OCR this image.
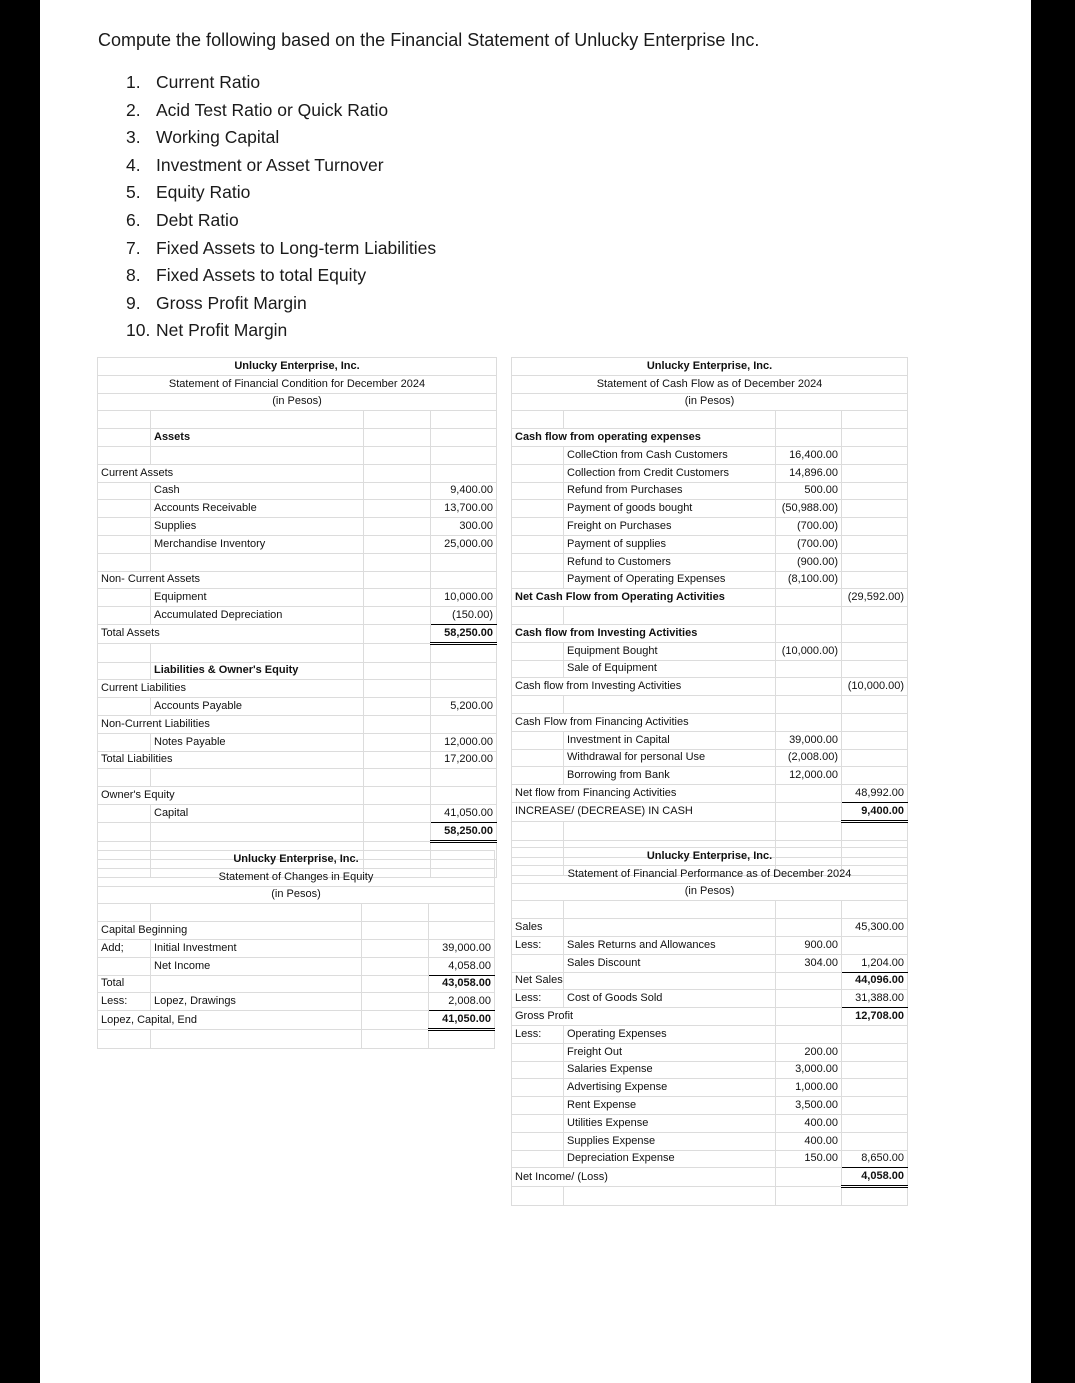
Compute the following based on the Financial Statement of Unlucky Enterprise Inc.

1. Current Ratio
2. Acid Test Ratio or Quick Ratio
3. Working Capital
4. Investment or Asset Turnover
5. Equity Ratio
6. Debt Ratio
7. Fixed Assets to Long-term Liabilities
8. Fixed Assets to total Equity
9. Gross Profit Margin
10. Net Profit Margin
Unlucky Enterprise, Inc.			
Statement of Financial Condition for December 2024			
(in Pesos)			

	Assets		

Current Assets			
	Cash		9,400.00
	Accounts Receivable		13,700.00
	Supplies		300.00
	Merchandise Inventory		25,000.00

Non- Current Assets			
	Equipment		10,000.00
	Accumulated Depreciation		(150.00)
Total Assets			58,250.00

	Liabilities & Owner's Equity		
Current Liabilities			
	Accounts Payable		5,200.00
Non-Current Liabilities			
	Notes Payable		12,000.00
Total Liabilities			17,200.00

Owner's Equity			
	Capital		41,050.00
			58,250.00

Unlucky Enterprise, Inc.			
Statement of Cash Flow as of December 2024			
(in Pesos)			

Cash flow from operating expenses			
	ColleCtion from Cash Customers	16,400.00	
	Collection from Credit Customers	14,896.00	
	Refund from Purchases	500.00	
	Payment of goods bought	(50,988.00)	
	Freight on Purchases	(700.00)	
	Payment of supplies	(700.00)	
	Refund to Customers	(900.00)	
	Payment of Operating Expenses	(8,100.00)	
Net Cash Flow from Operating Activities			(29,592.00)

Cash flow from Investing Activities			
	Equipment Bought	(10,000.00)	
	Sale of Equipment		
Cash flow from Investing Activities			(10,000.00)

Cash Flow from Financing Activities			
	Investment in Capital	39,000.00	
	Withdrawal for personal Use	(2,008.00)	
	Borrowing from Bank	12,000.00	
Net flow from Financing Activities			48,992.00
INCREASE/ (DECREASE) IN CASH			9,400.00

Unlucky Enterprise, Inc.			
Statement of Changes in Equity			
(in Pesos)			

Capital Beginning			
Add;	Initial Investment		39,000.00
	Net Income		4,058.00
Total			43,058.00
Less:	Lopez, Drawings		2,008.00
Lopez, Capital, End			41,050.00

Unlucky Enterprise, Inc.			
Statement of Financial Performance as of December 2024			
(in Pesos)			

Sales			45,300.00
Less:	Sales Returns and Allowances	900.00	
	Sales Discount	304.00	1,204.00
Net Sales			44,096.00
Less:	Cost of Goods Sold		31,388.00
Gross Profit			12,708.00
Less:	Operating Expenses		
	Freight Out	200.00	
	Salaries Expense	3,000.00	
	Advertising Expense	1,000.00	
	Rent Expense	3,500.00	
	Utilities Expense	400.00	
	Supplies Expense	400.00	
	Depreciation Expense	150.00	8,650.00
Net Income/ (Loss)			4,058.00
